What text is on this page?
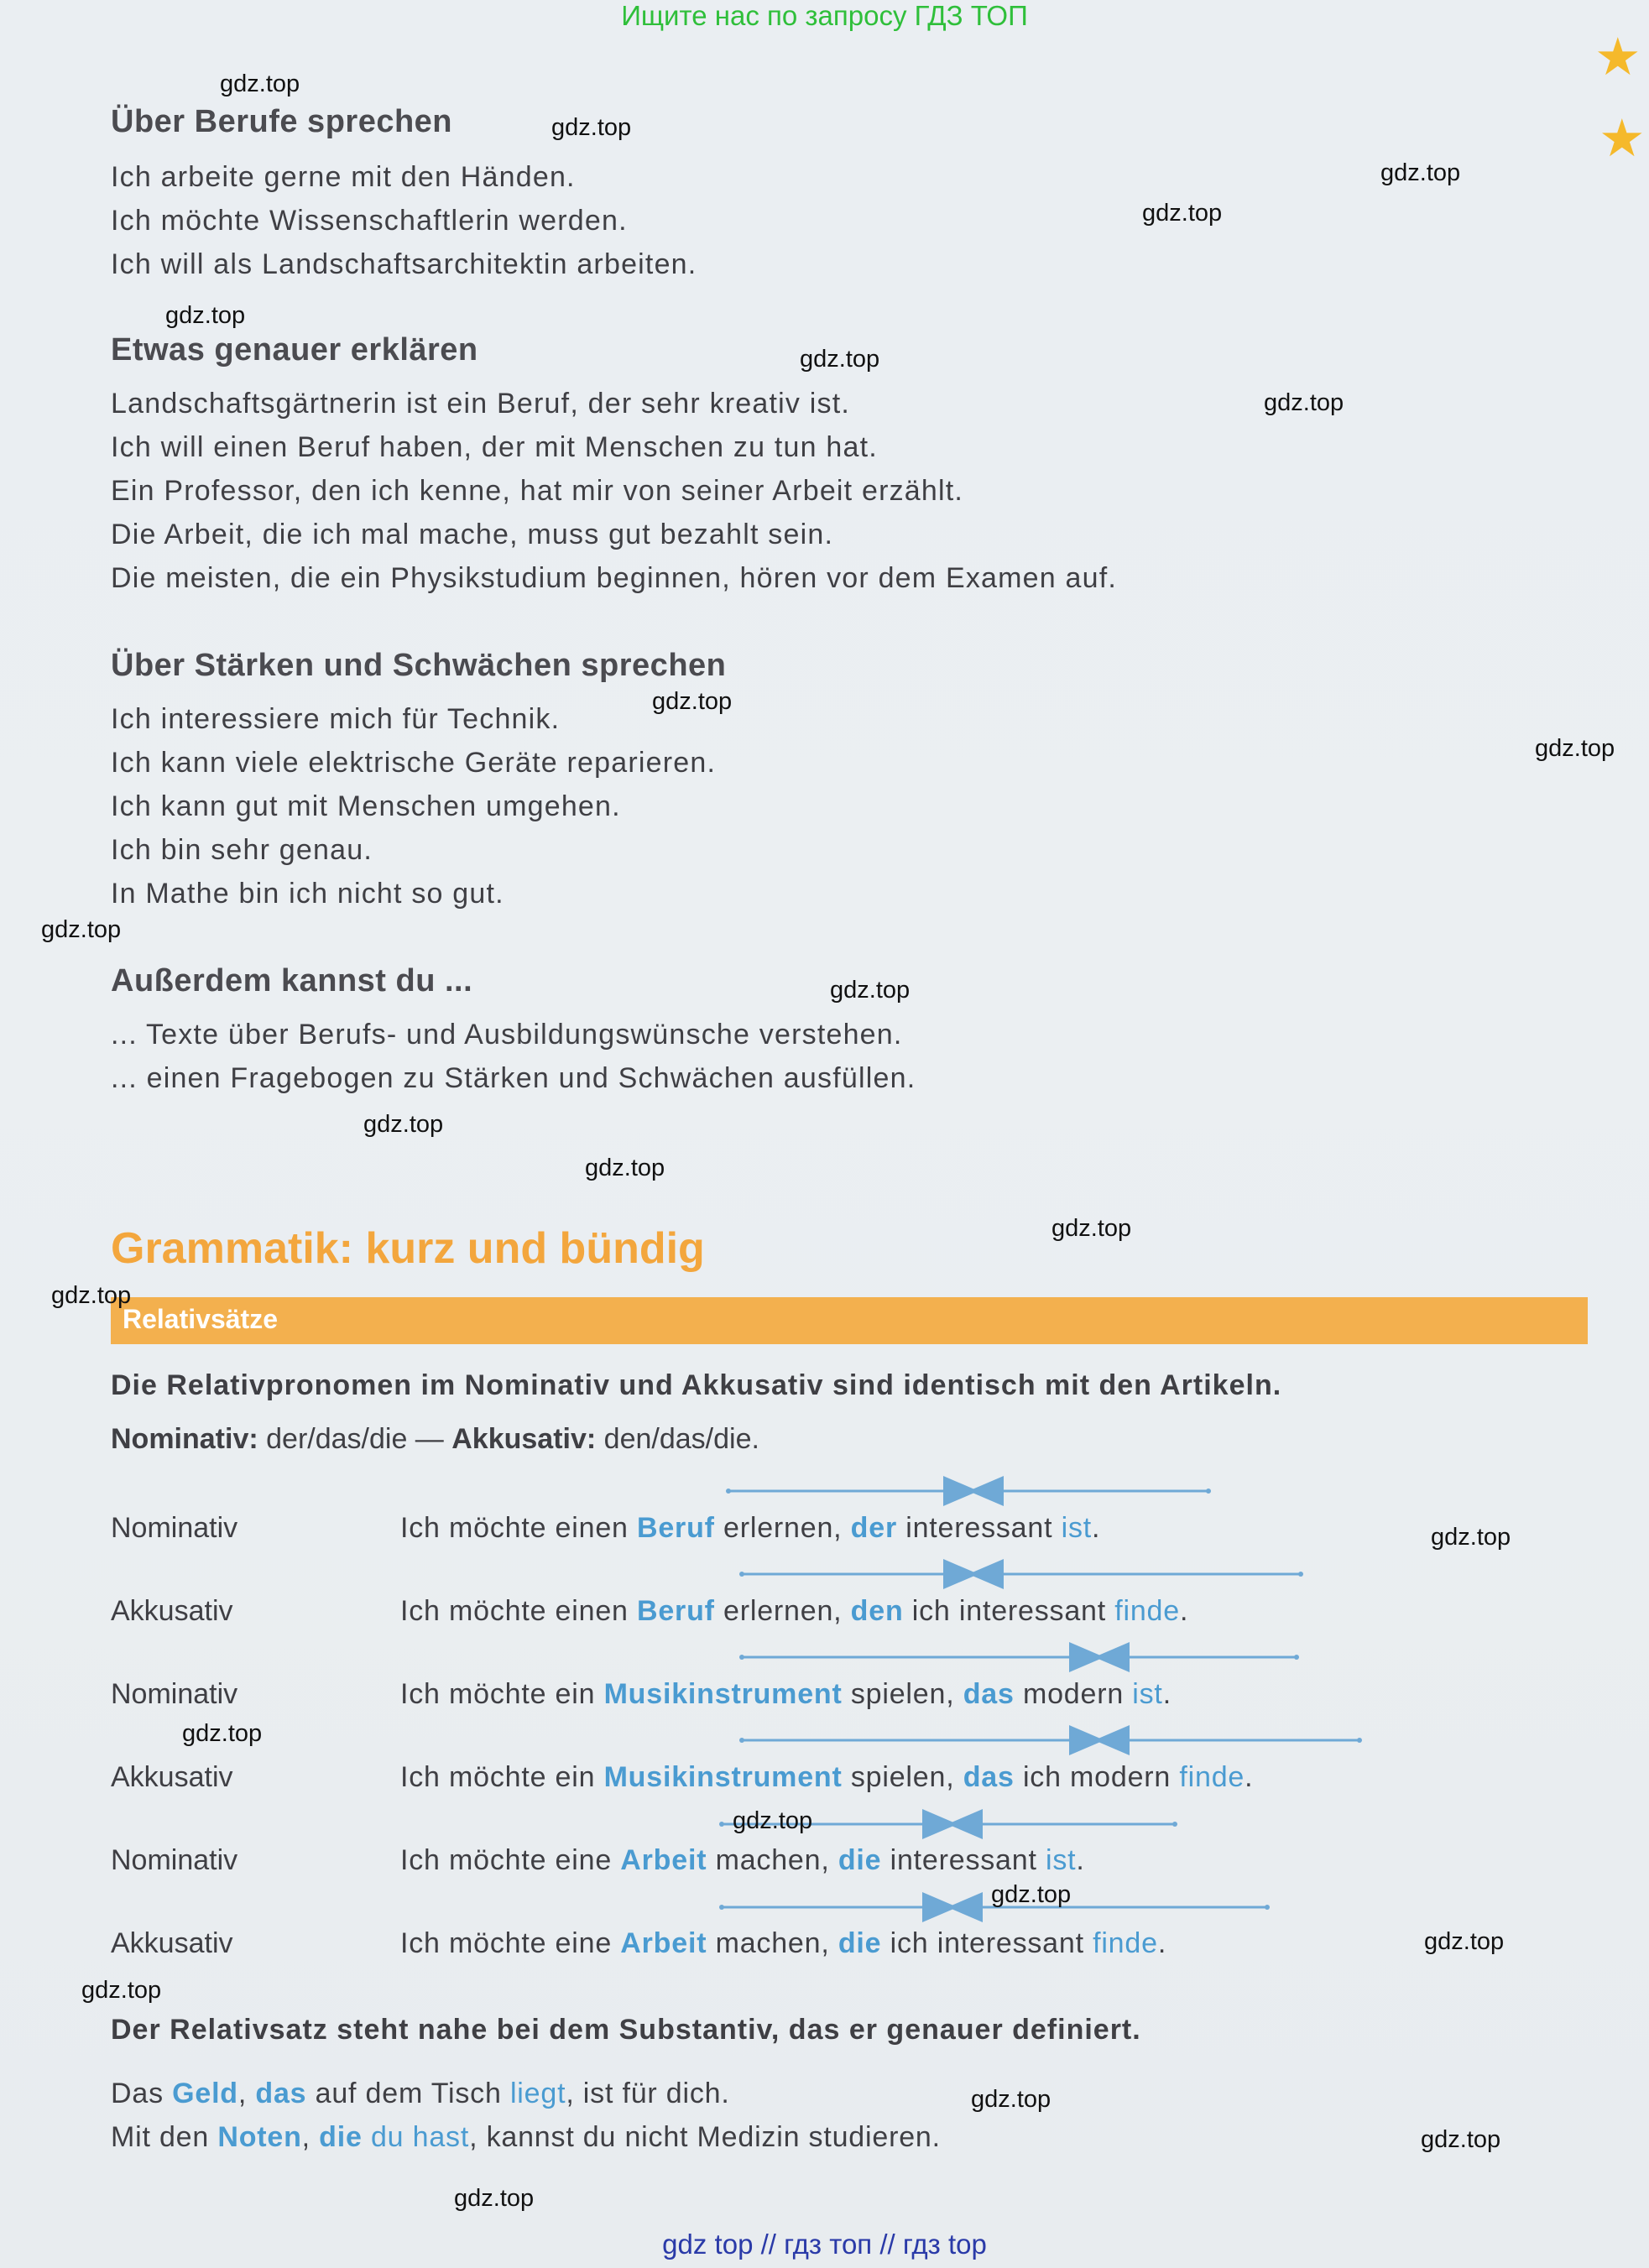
Ищите нас по запросу ГДЗ ТОП
★
★
Über Berufe sprechen
Ich arbeite gerne mit den Händen.
Ich möchte Wissenschaftlerin werden.
Ich will als Landschaftsarchitektin arbeiten.
Etwas genauer erklären
Landschaftsgärtnerin ist ein Beruf, der sehr kreativ ist.
Ich will einen Beruf haben, der mit Menschen zu tun hat.
Ein Professor, den ich kenne, hat mir von seiner Arbeit erzählt.
Die Arbeit, die ich mal mache, muss gut bezahlt sein.
Die meisten, die ein Physikstudium beginnen, hören vor dem Examen auf.
Über Stärken und Schwächen sprechen
Ich interessiere mich für Technik.
Ich kann viele elektrische Geräte reparieren.
Ich kann gut mit Menschen umgehen.
Ich bin sehr genau.
In Mathe bin ich nicht so gut.
Außerdem kannst du ...
... Texte über Berufs- und Ausbildungswünsche verstehen.
... einen Fragebogen zu Stärken und Schwächen ausfüllen.
Grammatik: kurz und bündig
Relativsätze
Die Relativpronomen im Nominativ und Akkusativ sind identisch mit den Artikeln.
Nominativ: der/das/die — Akkusativ: den/das/die.
Nominativ	Ich möchte einen Beruf erlernen, der interessant ist.
Akkusativ	Ich möchte einen Beruf erlernen, den ich interessant finde.
Nominativ	Ich möchte ein Musikinstrument spielen, das modern ist.
Akkusativ	Ich möchte ein Musikinstrument spielen, das ich modern finde.
Nominativ	Ich möchte eine Arbeit machen, die interessant ist.
Akkusativ	Ich möchte eine Arbeit machen, die ich interessant finde.
Der Relativsatz steht nahe bei dem Substantiv, das er genauer definiert.
Das Geld, das auf dem Tisch liegt, ist für dich.
Mit den Noten, die du hast, kannst du nicht Medizin studieren.
gdz.top
gdz.top
gdz.top
gdz.top
gdz.top
gdz.top
gdz.top
gdz.top
gdz.top
gdz.top
gdz.top
gdz.top
gdz.top
gdz.top
gdz.top
gdz.top
gdz.top
gdz.top
gdz.top
gdz.top
gdz.top
gdz.top
gdz.top
gdz.top
gdz top // гдз топ // гдз top
